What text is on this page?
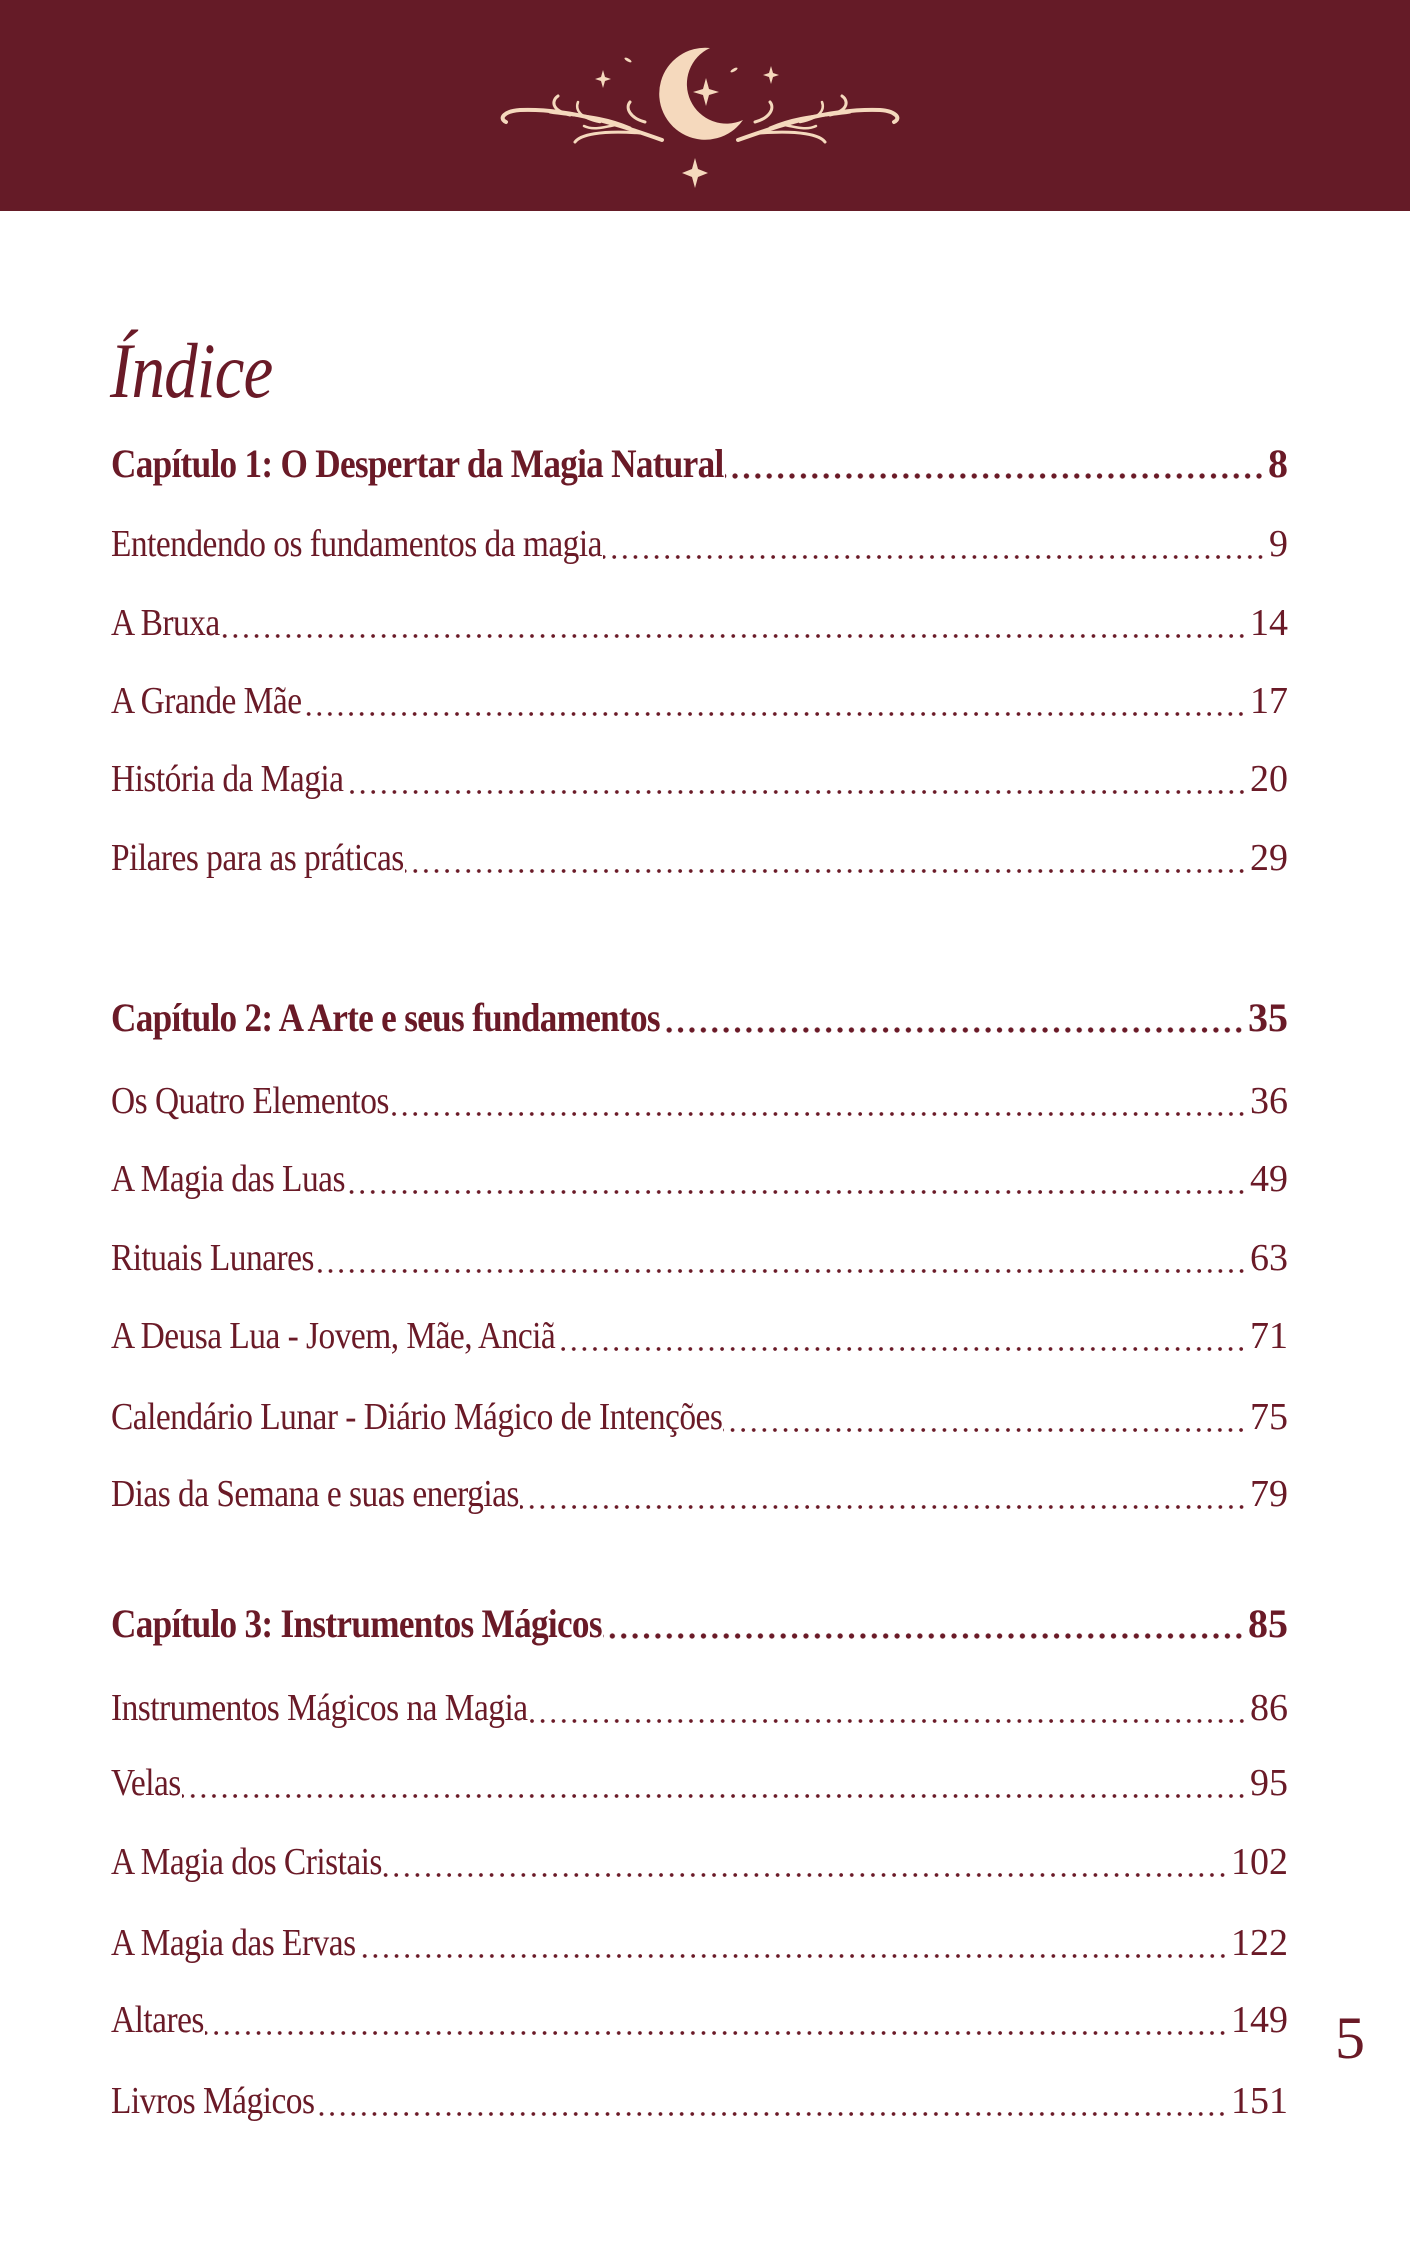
Índice
Capítulo 1: O Despertar da Magia Natural	8
Entendendo os fundamentos da magia	9
A Bruxa	14
A Grande Mãe	17
História da Magia	20
Pilares para as práticas	29
Capítulo 2: A Arte e seus fundamentos	35
Os Quatro Elementos	36
A Magia das Luas	49
Rituais Lunares	63
A Deusa Lua - Jovem, Mãe, Anciã	71
Calendário Lunar - Diário Mágico de Intenções	75
Dias da Semana e suas energias	79
Capítulo 3: Instrumentos Mágicos	85
Instrumentos Mágicos na Magia	86
Velas	95
A Magia dos Cristais	102
A Magia das Ervas	122
Altares	149
Livros Mágicos	151
5
